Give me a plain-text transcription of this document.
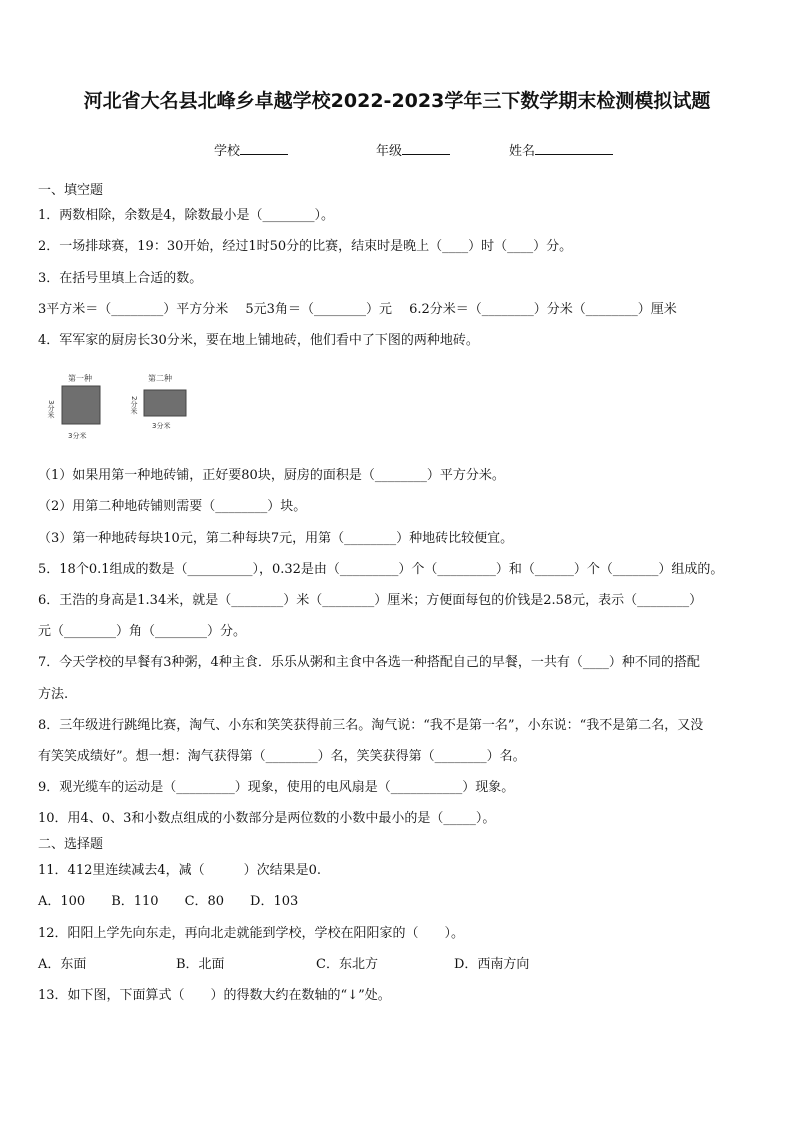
河北省大名县北峰乡卓越学校2022-2023学年三下数学期末检测模拟试题
学校	年级	姓名
一、填空题
1．两数相除，余数是4，除数最小是（________）。
2．一场排球赛，19：30开始，经过1时50分的比赛，结束时是晚上（____）时（____）分。
3．在括号里填上合适的数。
3平方米＝（________）平方分米　 5元3角＝（________）元　 6.2分米＝（________）分米（________）厘米
4．军军家的厨房长30分米，要在地上铺地砖，他们看中了下图的两种地砖。
第一种
3分米
3分米
第二种
2分米
3分米
（1）如果用第一种地砖铺，正好要80块，厨房的面积是（________）平方分米。
（2）用第二种地砖铺则需要（________）块。
（3）第一种地砖每块10元，第二种每块7元，用第（________）种地砖比较便宜。
5．18个0.1组成的数是（__________），0.32是由（_________）个（_________）和（______）个（_______）组成的。
6．王浩的身高是1.34米，就是（________）米（________）厘米；方便面每包的价钱是2.58元，表示（________）
元（________）角（________）分。
7．今天学校的早餐有3种粥，4种主食．乐乐从粥和主食中各选一种搭配自己的早餐，一共有（____）种不同的搭配
方法.
8．三年级进行跳绳比赛，淘气、小东和笑笑获得前三名。淘气说：“我不是第一名”，小东说：“我不是第二名，又没
有笑笑成绩好”。想一想：淘气获得第（________）名，笑笑获得第（________）名。
9．观光缆车的运动是（_________）现象，使用的电风扇是（___________）现象。
10．用4、0、3和小数点组成的小数部分是两位数的小数中最小的是（_____）。
二、选择题
11．412里连续减去4，减（　　　）次结果是0.
A．100　　B．110　　C．80　　D．103
12．阳阳上学先向东走，再向北走就能到学校，学校在阳阳家的（　　）。
A．东面	B．北面	C．东北方	D．西南方向
13．如下图，下面算式（　　）的得数大约在数轴的“↓”处。
